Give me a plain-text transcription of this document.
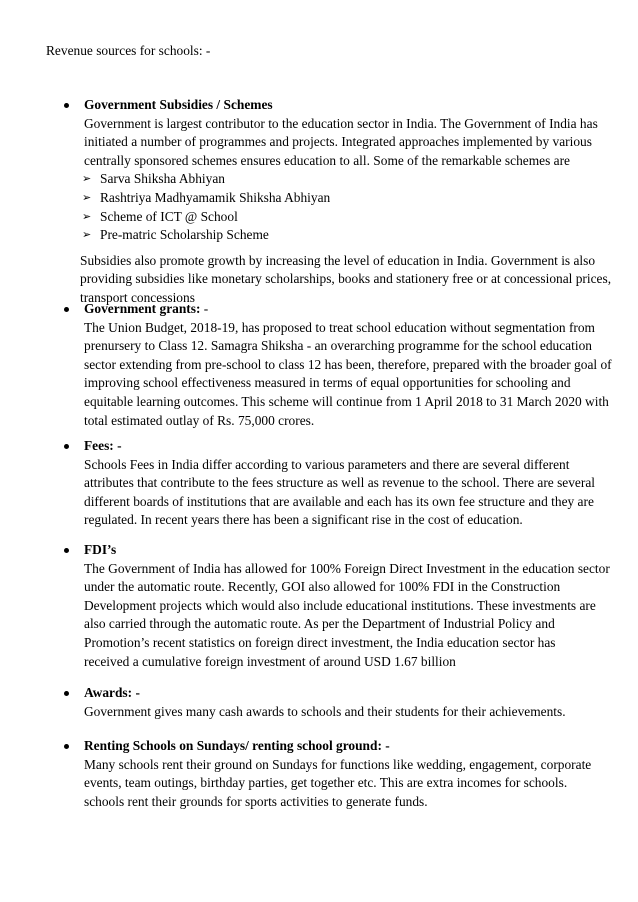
Revenue sources for schools: -

Government Subsidies / Schemes
Government is largest contributor to the education sector in India. The Government of India has
initiated a number of programmes and projects. Integrated approaches implemented by various
centrally sponsored schemes ensures education to all. Some of the remarkable schemes are
➢ Sarva Shiksha Abhiyan
➢ Rashtriya Madhyamamik Shiksha Abhiyan
➢ Scheme of ICT @ School
➢ Pre-matric Scholarship Scheme
Subsidies also promote growth by increasing the level of education in India. Government is also
providing subsidies like monetary scholarships, books and stationery free or at concessional prices,
transport concessions
Government grants: -
The Union Budget, 2018-19, has proposed to treat school education without segmentation from
prenursery to Class 12. Samagra Shiksha - an overarching programme for the school education
sector extending from pre-school to class 12 has been, therefore, prepared with the broader goal of
improving school effectiveness measured in terms of equal opportunities for schooling and
equitable learning outcomes. This scheme will continue from 1 April 2018 to 31 March 2020 with
total estimated outlay of Rs. 75,000 crores.
Fees: -
Schools Fees in India differ according to various parameters and there are several different
attributes that contribute to the fees structure as well as revenue to the school. There are several
different boards of institutions that are available and each has its own fee structure and they are
regulated. In recent years there has been a significant rise in the cost of education.
FDI’s
The Government of India has allowed for 100% Foreign Direct Investment in the education sector
under the automatic route. Recently, GOI also allowed for 100% FDI in the Construction
Development projects which would also include educational institutions. These investments are
also carried through the automatic route. As per the Department of Industrial Policy and
Promotion’s recent statistics on foreign direct investment, the India education sector has
received a cumulative foreign investment of around USD 1.67 billion
Awards: -
Government gives many cash awards to schools and their students for their achievements.
Renting Schools on Sundays/ renting school ground: -
Many schools rent their ground on Sundays for functions like wedding, engagement, corporate
events, team outings, birthday parties, get together etc. This are extra incomes for schools.
schools rent their grounds for sports activities to generate funds.
